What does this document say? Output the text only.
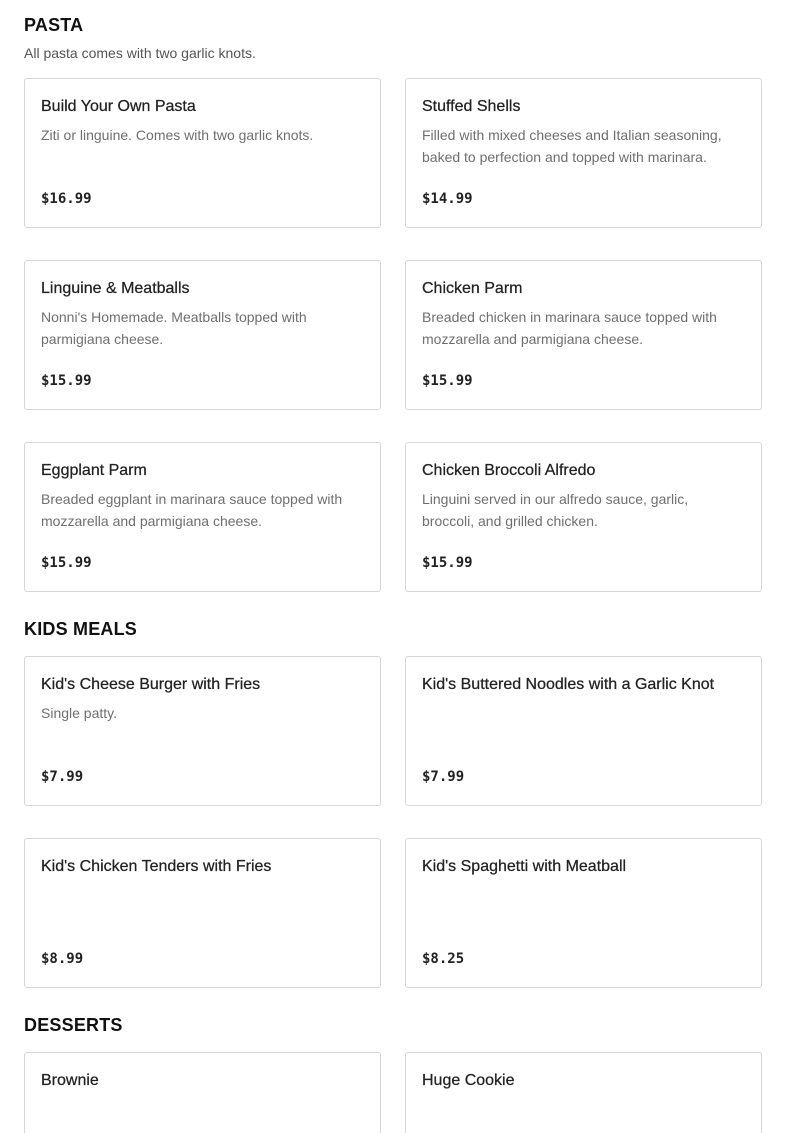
PASTA
All pasta comes with two garlic knots.
Build Your Own Pasta
Ziti or linguine. Comes with two garlic knots.
$16.99
Stuffed Shells
Filled with mixed cheeses and Italian seasoning, baked to perfection and topped with marinara.
$14.99
Linguine & Meatballs
Nonni's Homemade. Meatballs topped with parmigiana cheese.
$15.99
Chicken Parm
Breaded chicken in marinara sauce topped with mozzarella and parmigiana cheese.
$15.99
Eggplant Parm
Breaded eggplant in marinara sauce topped with mozzarella and parmigiana cheese.
$15.99
Chicken Broccoli Alfredo
Linguini served in our alfredo sauce, garlic, broccoli, and grilled chicken.
$15.99
KIDS MEALS
Kid's Cheese Burger with Fries
Single patty.
$7.99
Kid's Buttered Noodles with a Garlic Knot
$7.99
Kid's Chicken Tenders with Fries
$8.99
Kid's Spaghetti with Meatball
$8.25
DESSERTS
Brownie	Huge Cookie
